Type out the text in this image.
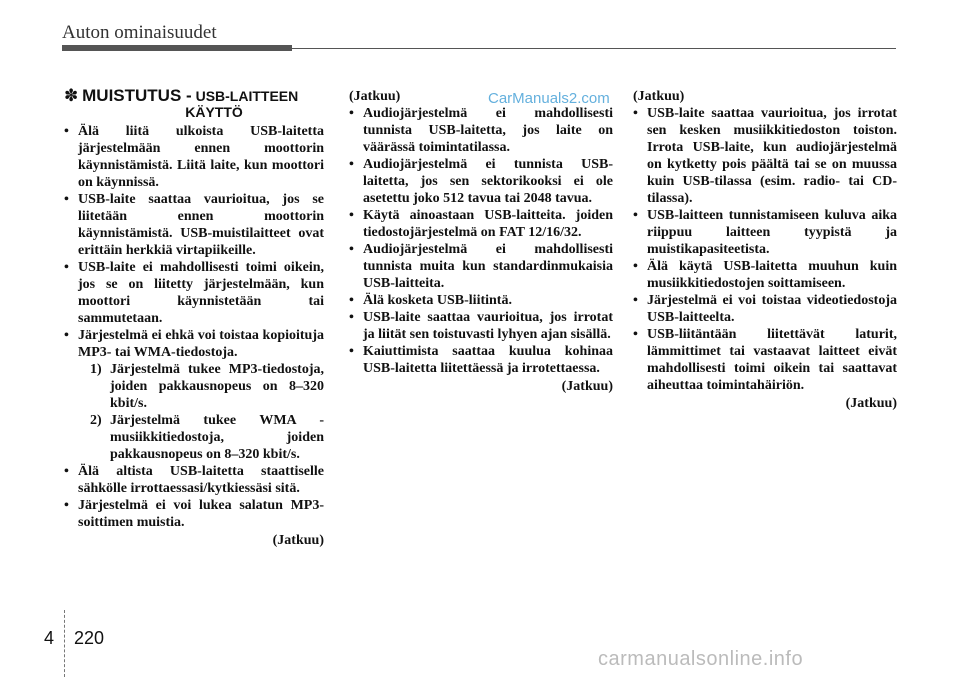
Auton ominaisuudet
✽ MUISTUTUS - USB-LAITTEEN
KÄYTTÖ
• Älä liitä ulkoista USB-laitetta järjestelmään ennen moottorin käynnistämistä. Liitä laite, kun moottori on käynnissä.
• USB-laite saattaa vaurioitua, jos se liitetään ennen moottorin käynnistämistä. USB-muistilaitteet ovat erittäin herkkiä virtapiikeille.
• USB-laite ei mahdollisesti toimi oikein, jos se on liitetty järjestelmään, kun moottori käynnistetään tai sammutetaan.
• Järjestelmä ei ehkä voi toistaa kopioituja MP3- tai WMA-tiedostoja.
1) Järjestelmä tukee MP3-tiedostoja, joiden pakkausnopeus on 8–320 kbit/s.
2) Järjestelmä tukee WMA -musiikkitiedostoja, joiden pakkausnopeus on 8–320 kbit/s.
• Älä altista USB-laitetta staattiselle sähkölle irrottaessasi/kytkiessäsi sitä.
• Järjestelmä ei voi lukea salatun MP3-soittimen muistia.
(Jatkuu)
(Jatkuu)
• Audiojärjestelmä ei mahdollisesti tunnista USB-laitetta, jos laite on väärässä toimintatilassa.
• Audiojärjestelmä ei tunnista USB-laitetta, jos sen sektorikooksi ei ole asetettu joko 512 tavua tai 2048 tavua.
• Käytä ainoastaan USB-laitteita. joiden tiedostojärjestelmä on FAT 12/16/32.
• Audiojärjestelmä ei mahdollisesti tunnista muita kun standardinmukaisia USB-laitteita.
• Älä kosketa USB-liitintä.
• USB-laite saattaa vaurioitua, jos irrotat ja liität sen toistuvasti lyhyen ajan sisällä.
• Kaiuttimista saattaa kuulua kohinaa USB-laitetta liitettäessä ja irrotettaessa.
(Jatkuu)
(Jatkuu)
• USB-laite saattaa vaurioitua, jos irrotat sen kesken musiikkitiedoston toiston. Irrota USB-laite, kun audiojärjestelmä on kytketty pois päältä tai se on muussa kuin USB-tilassa (esim. radio- tai CD-tilassa).
• USB-laitteen tunnistamiseen kuluva aika riippuu laitteen tyypistä ja muistikapasiteetista.
• Älä käytä USB-laitetta muuhun kuin musiikkitiedostojen soittamiseen.
• Järjestelmä ei voi toistaa videotiedostoja USB-laitteelta.
• USB-liitäntään liitettävät laturit, lämmittimet tai vastaavat laitteet eivät mahdollisesti toimi oikein tai saattavat aiheuttaa toimintahäiriön.
(Jatkuu)
CarManuals2.com
4 220
carmanualsonline.info
